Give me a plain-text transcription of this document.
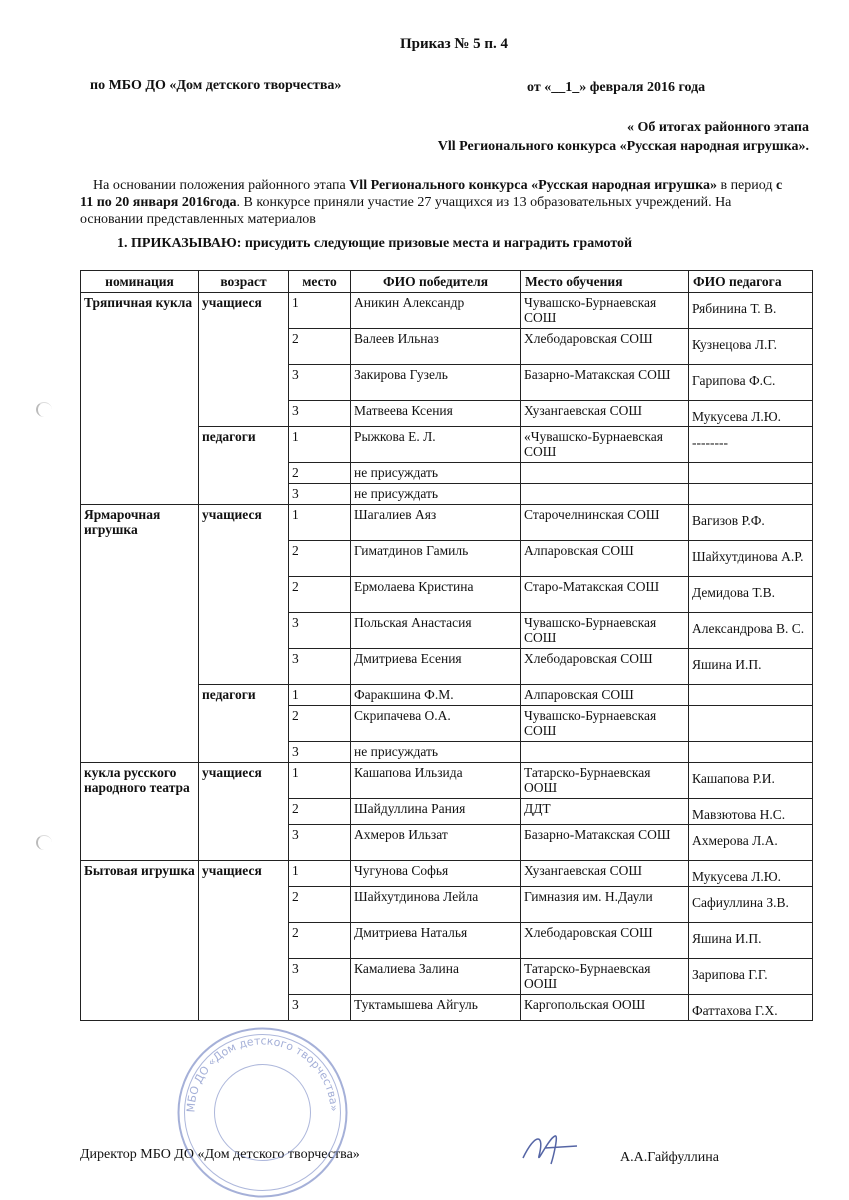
Приказ № 5 п. 4
по МБО ДО «Дом детского творчества»	от «__1_» февраля 2016 года
« Об итогах районного этапа
Vll Регионального конкурса «Русская народная игрушка».
На основании положения районного этапа Vll Регионального конкурса «Русская народная игрушка» в период с 11 по 20 января 2016года. В конкурсе приняли участие 27 учащихся из 13 образовательных учреждений. На основании представленных материалов
1. ПРИКАЗЫВАЮ: присудить следующие призовые места и наградить грамотой
номинация	возраст	место	ФИО победителя	Место обучения	ФИО педагога
Тряпичная кукла	учащиеся	1	Аникин Александр	Чувашско-Бурнаевская СОШ	Рябинина Т. В.
		2	Валеев Ильназ	Хлебодаровская СОШ	Кузнецова Л.Г.
		3	Закирова Гузель	Базарно-Матакская СОШ	Гарипова Ф.С.
		3	Матвеева Ксения	Хузангаевская СОШ	Мукусева Л.Ю.
	педагоги	1	Рыжкова Е. Л.	«Чувашско-Бурнаевская СОШ	--------
		2	не присуждать		
		3	не присуждать		
Ярмарочная игрушка	учащиеся	1	Шагалиев Аяз	Старочелнинская СОШ	Вагизов Р.Ф.
		2	Гиматдинов Гамиль	Алпаровская СОШ	Шайхутдинова А.Р.
		2	Ермолаева Кристина	Старо-Матакская СОШ	Демидова Т.В.
		3	Польская Анастасия	Чувашско-Бурнаевская СОШ	Александрова В. С.
		3	Дмитриева Есения	Хлебодаровская СОШ	Яшина И.П.
	педагоги	1	Фаракшина Ф.М.	Алпаровская СОШ	
		2	Скрипачева О.А.	Чувашско-Бурнаевская СОШ	
		3	не присуждать		
кукла русского народного театра	учащиеся	1	Кашапова Ильзида	Татарско-Бурнаевская ООШ	Кашапова Р.И.
		2	Шайдуллина Рания	ДДТ	Мавзютова Н.С.
		3	Ахмеров Ильзат	Базарно-Матакская СОШ	Ахмерова Л.А.
Бытовая игрушка	учащиеся	1	Чугунова Софья	Хузангаевская СОШ	Мукусева Л.Ю.
		2	Шайхутдинова Лейла	Гимназия им. Н.Даули	Сафиуллина З.В.
		2	Дмитриева Наталья	Хлебодаровская СОШ	Яшина И.П.
		3	Камалиева Залина	Татарско-Бурнаевская ООШ	Зарипова Г.Г.
		3	Туктамышева Айгуль	Каргопольская ООШ	Фаттахова Г.Х.
Директор МБО ДО «Дом детского творчества»	А.А.Гайфуллина
МБО ДО «Дом детского творчества»
